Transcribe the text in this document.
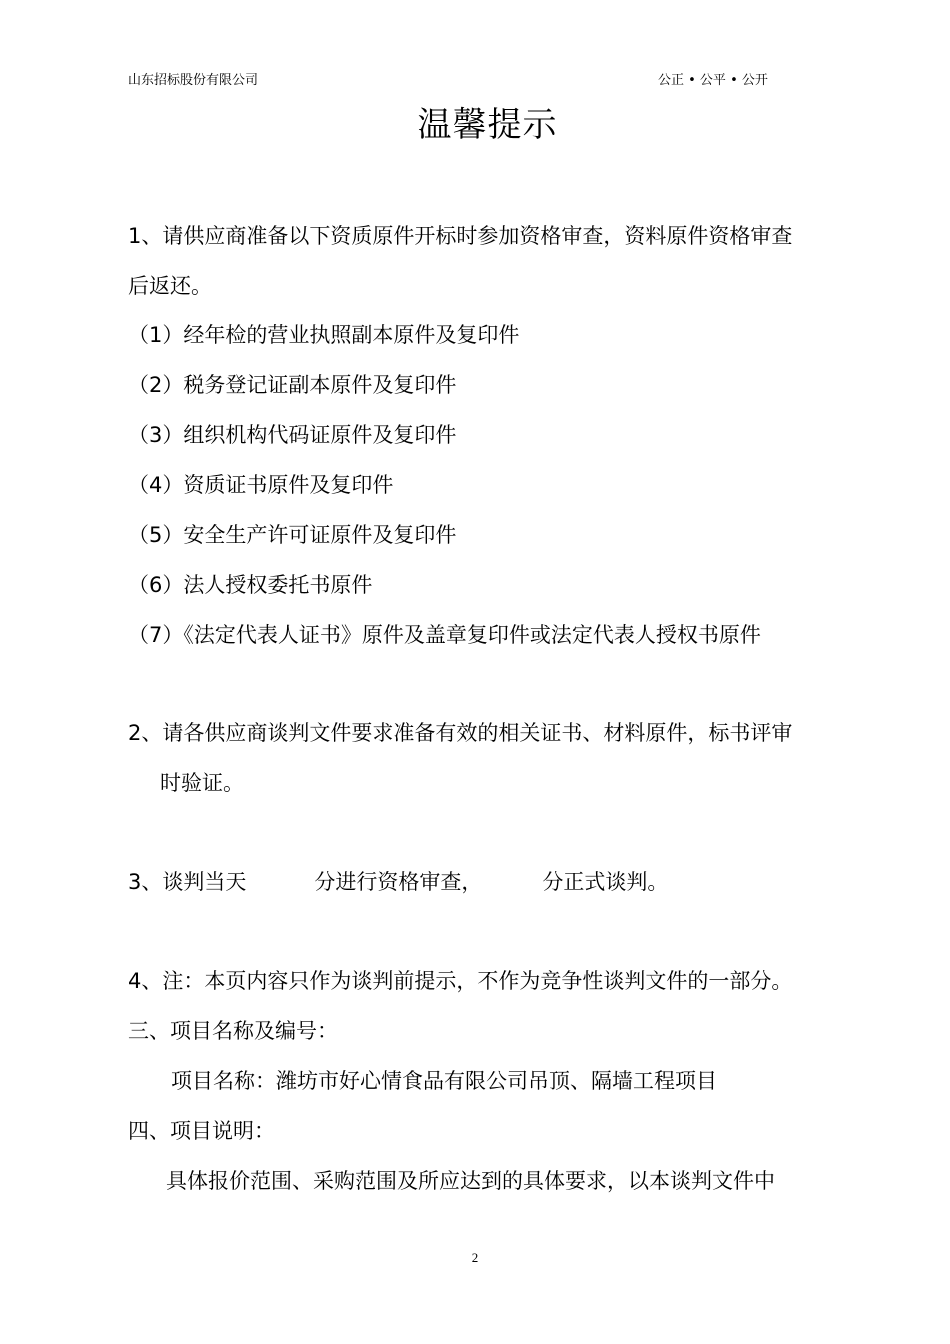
山东招标股份有限公司	公正 • 公平 • 公开
温馨提示
1、请供应商准备以下资质原件开标时参加资格审查，资料原件资格审查
后返还。
（1）经年检的营业执照副本原件及复印件
（2）税务登记证副本原件及复印件
（3）组织机构代码证原件及复印件
（4）资质证书原件及复印件
（5）安全生产许可证原件及复印件
（6）法人授权委托书原件
（7）《法定代表人证书》原件及盖章复印件或法定代表人授权书原件
2、请各供应商谈判文件要求准备有效的相关证书、材料原件，标书评审
时验证。
3、谈判当天	分进行资格审查，	分正式谈判。
4、注：本页内容只作为谈判前提示，不作为竞争性谈判文件的一部分。
三、项目名称及编号：
项目名称：潍坊市好心情食品有限公司吊顶、隔墙工程项目
四、项目说明：
具体报价范围、采购范围及所应达到的具体要求，以本谈判文件中
2
